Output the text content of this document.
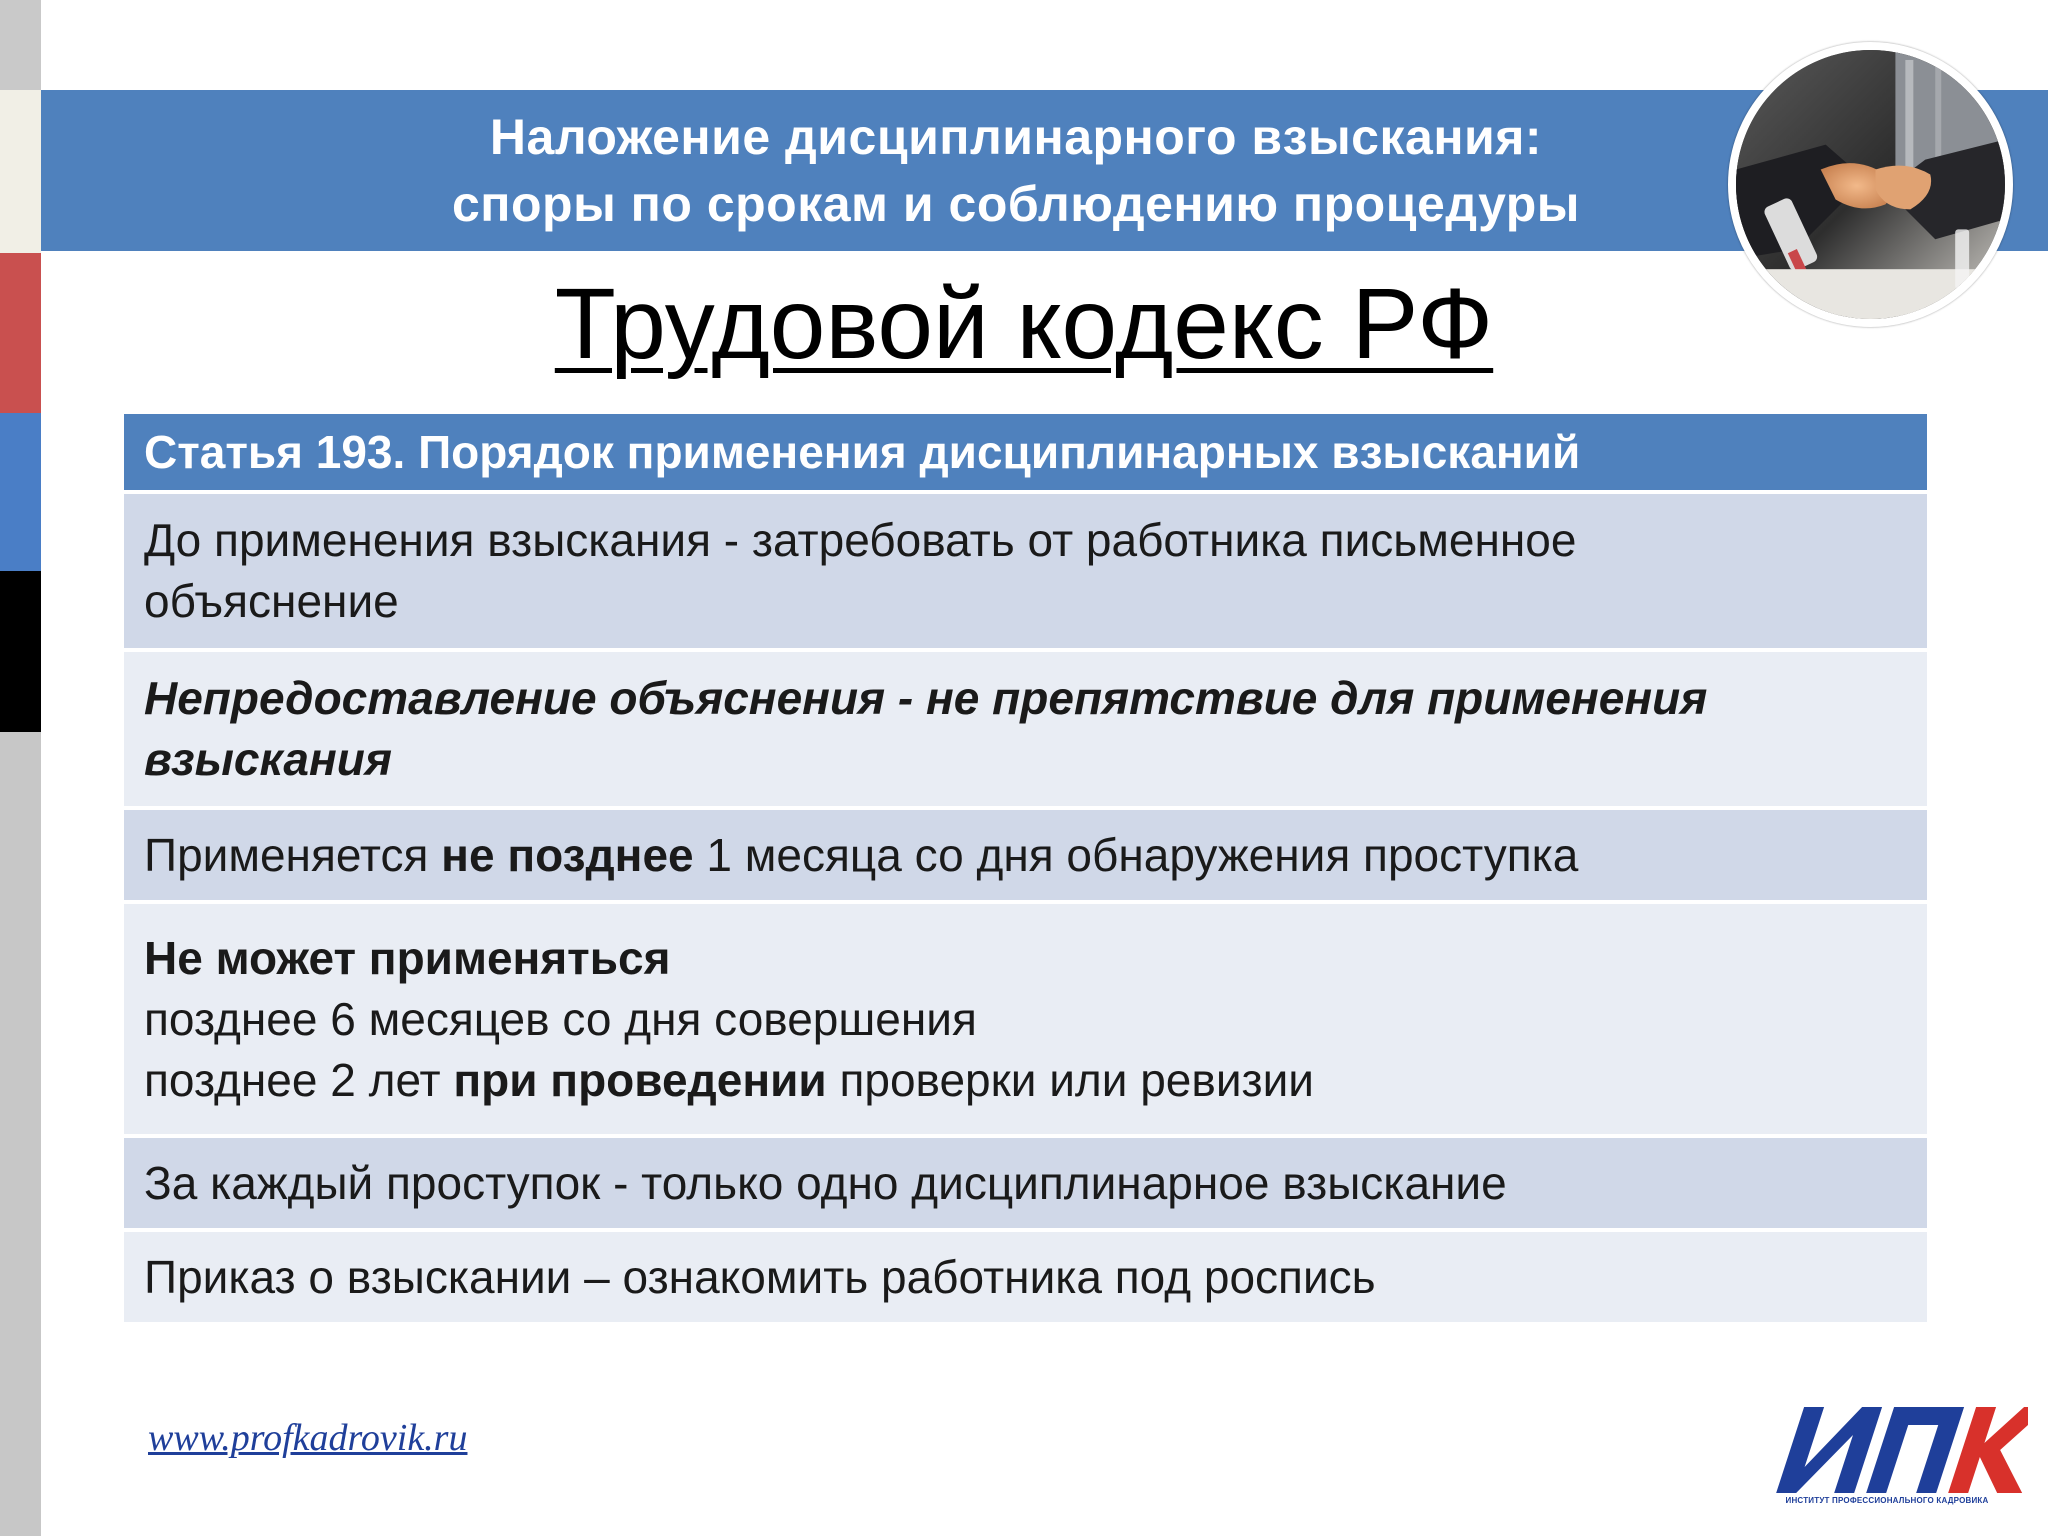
Наложение дисциплинарного взыскания:
споры по срокам и соблюдению процедуры
Трудовой кодекс РФ
Статья 193. Порядок применения дисциплинарных взысканий
До применения взыскания - затребовать от работника письменное
объяснение
Непредоставление объяснения - не препятствие для применения
взыскания
Применяется не позднее 1 месяца со дня обнаружения проступка
Не может применяться
позднее 6 месяцев со дня совершения
позднее 2 лет при проведении проверки или ревизии
За каждый проступок - только одно дисциплинарное взыскание
Приказ о взыскании – ознакомить работника под роспись
www.profkadrovik.ru
ИНСТИТУТ ПРОФЕССИОНАЛЬНОГО КАДРОВИКА
